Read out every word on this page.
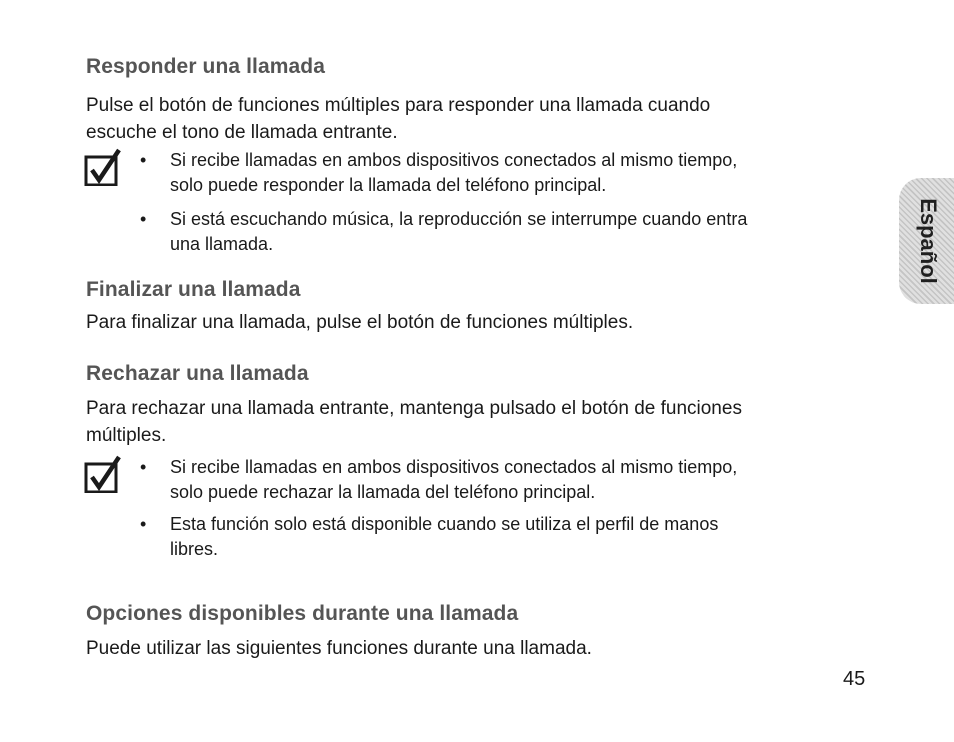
Responder una llamada
Pulse el botón de funciones múltiples para responder una llamada cuando
escuche el tono de llamada entrante.
• Si recibe llamadas en ambos dispositivos conectados al mismo tiempo,
solo puede responder la llamada del teléfono principal.
• Si está escuchando música, la reproducción se interrumpe cuando entra
una llamada.
Finalizar una llamada
Para finalizar una llamada, pulse el botón de funciones múltiples.
Rechazar una llamada
Para rechazar una llamada entrante, mantenga pulsado el botón de funciones
múltiples.
• Si recibe llamadas en ambos dispositivos conectados al mismo tiempo,
solo puede rechazar la llamada del teléfono principal.
• Esta función solo está disponible cuando se utiliza el perfil de manos
libres.
Opciones disponibles durante una llamada
Puede utilizar las siguientes funciones durante una llamada.
Español
45
